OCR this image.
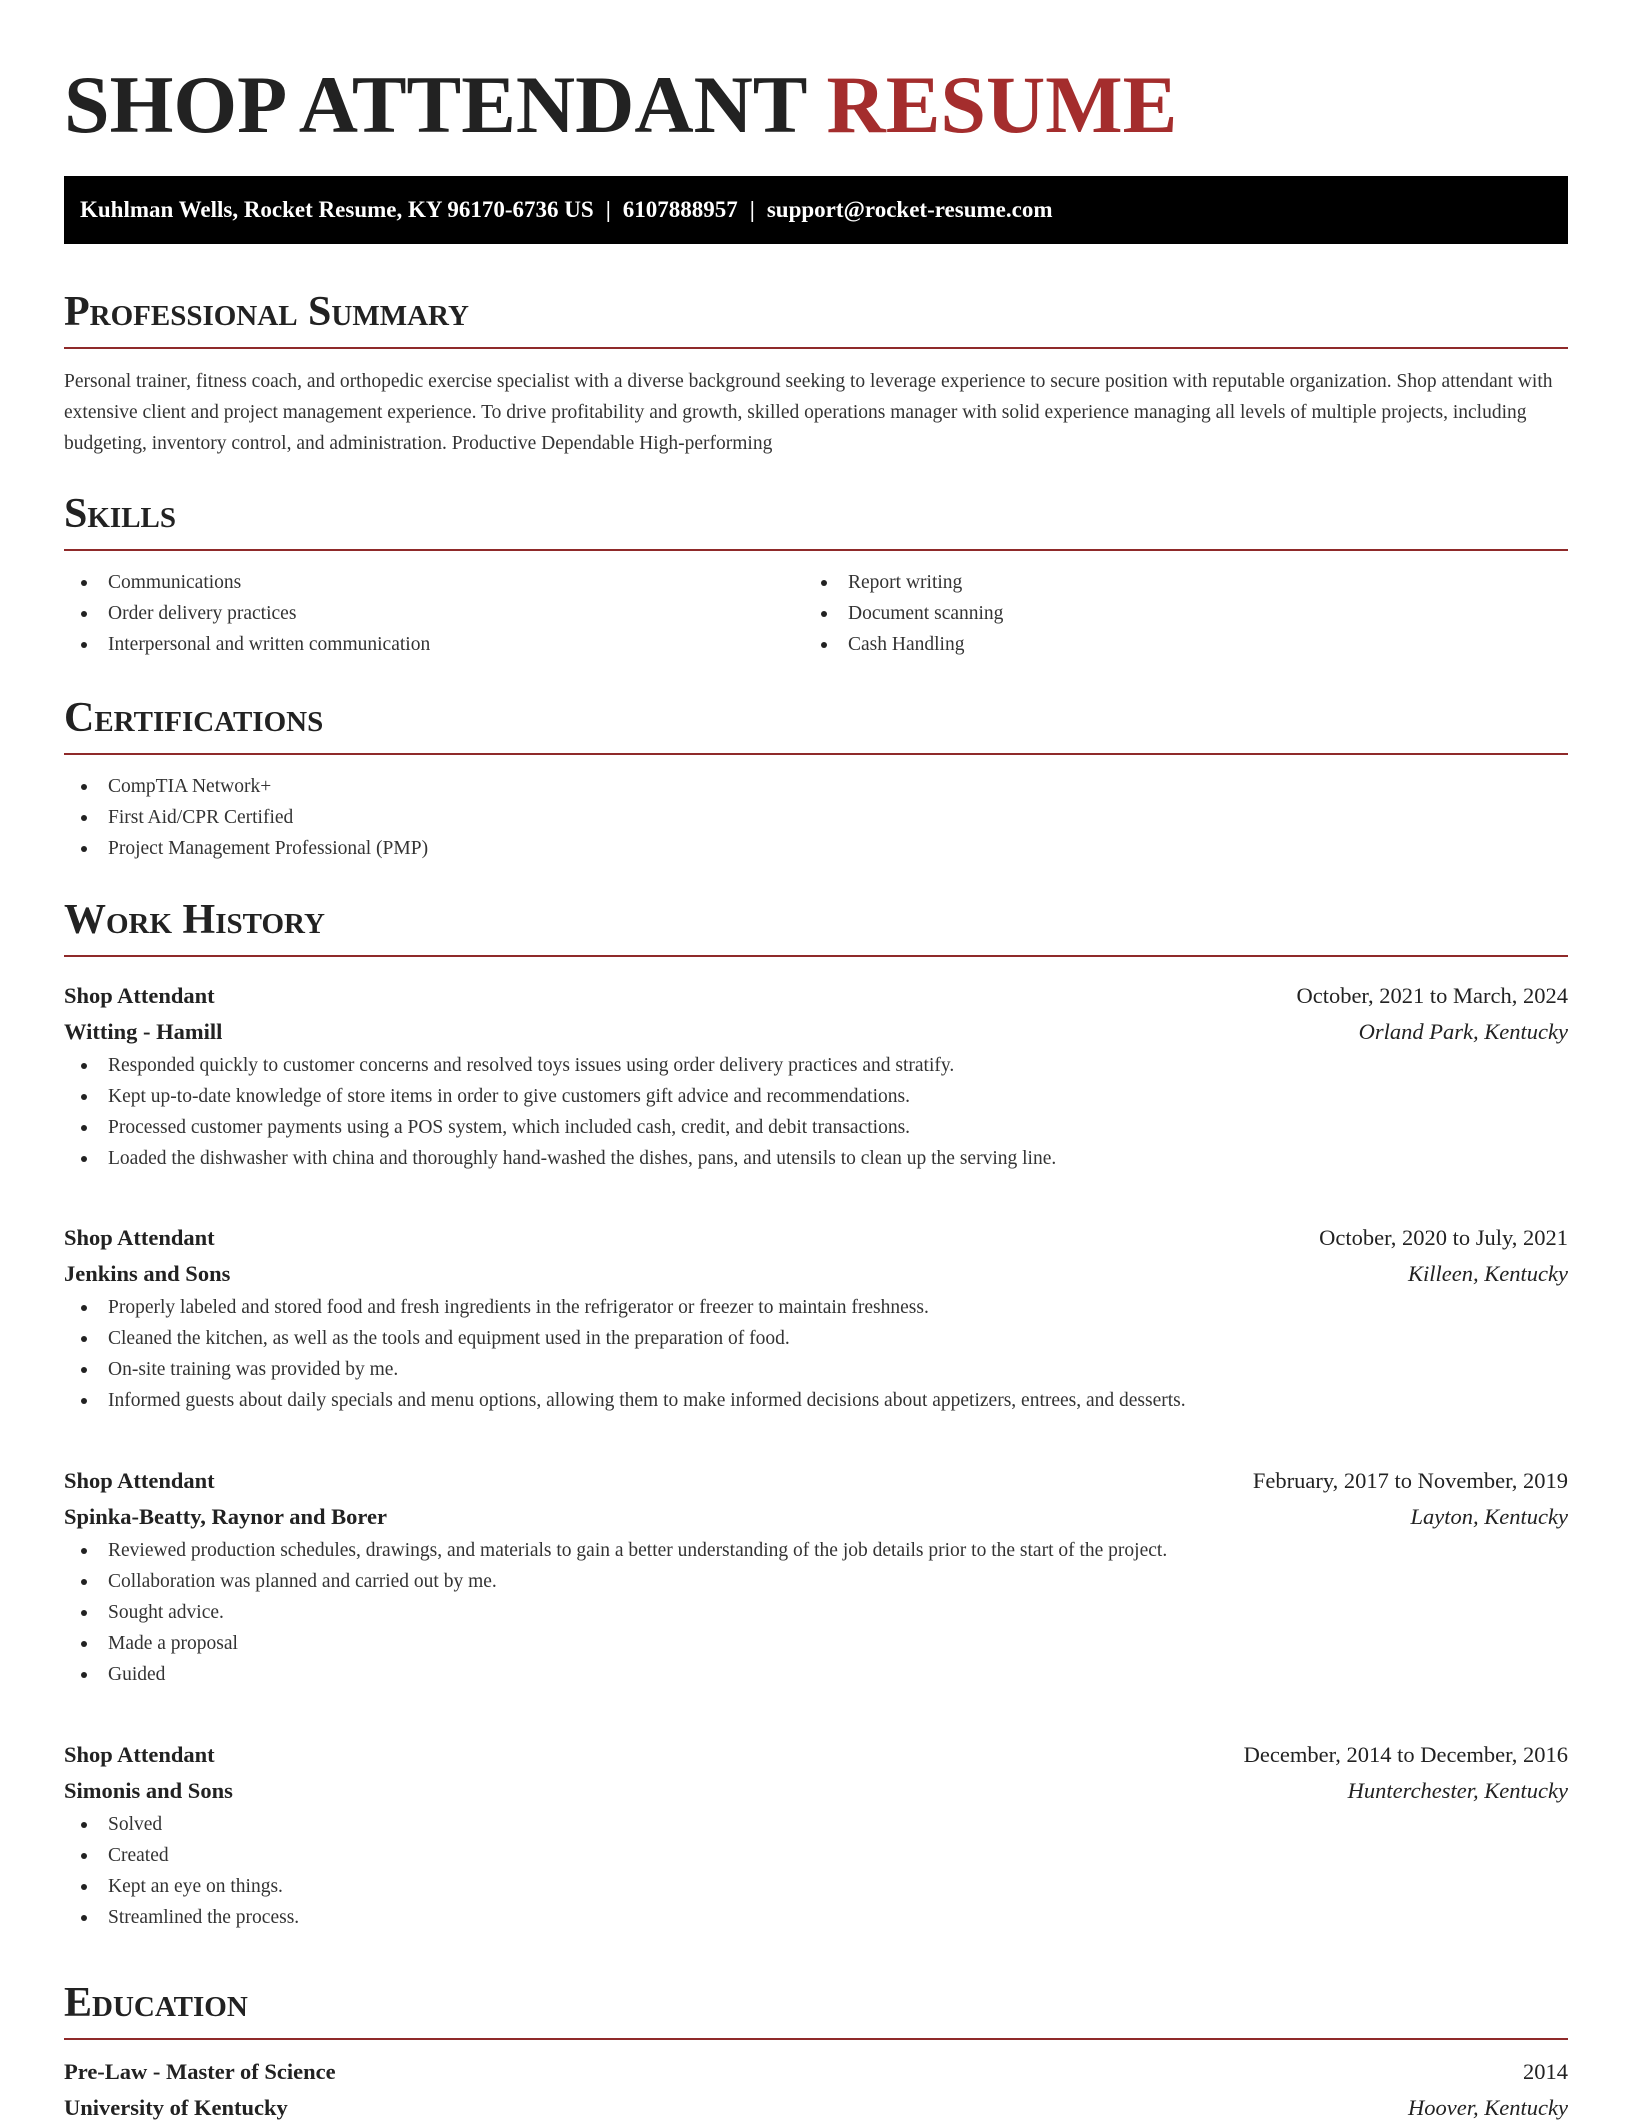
SHOP ATTENDANT RESUME
Kuhlman Wells, Rocket Resume, KY 96170-6736 US | 6107888957 | support@rocket-resume.com
Professional Summary

Personal trainer, fitness coach, and orthopedic exercise specialist with a diverse background seeking to leverage experience to secure position with reputable organization. Shop attendant with extensive client and project management experience. To drive profitability and growth, skilled operations manager with solid experience managing all levels of multiple projects, including budgeting, inventory control, and administration. Productive Dependable High-performing

Skills
Communications
Order delivery practices
Interpersonal and written communication
Report writing
Document scanning
Cash Handling
Certifications
CompTIA Network+
First Aid/CPR Certified
Project Management Professional (PMP)
Work History
Shop Attendant	October, 2021 to March, 2024
Witting - Hamill	Orland Park, Kentucky
Responded quickly to customer concerns and resolved toys issues using order delivery practices and stratify.
Kept up-to-date knowledge of store items in order to give customers gift advice and recommendations.
Processed customer payments using a POS system, which included cash, credit, and debit transactions.
Loaded the dishwasher with china and thoroughly hand-washed the dishes, pans, and utensils to clean up the serving line.
Shop Attendant	October, 2020 to July, 2021
Jenkins and Sons	Killeen, Kentucky
Properly labeled and stored food and fresh ingredients in the refrigerator or freezer to maintain freshness.
Cleaned the kitchen, as well as the tools and equipment used in the preparation of food.
On-site training was provided by me.
Informed guests about daily specials and menu options, allowing them to make informed decisions about appetizers, entrees, and desserts.
Shop Attendant	February, 2017 to November, 2019
Spinka-Beatty, Raynor and Borer	Layton, Kentucky
Reviewed production schedules, drawings, and materials to gain a better understanding of the job details prior to the start of the project.
Collaboration was planned and carried out by me.
Sought advice.
Made a proposal
Guided
Shop Attendant	December, 2014 to December, 2016
Simonis and Sons	Hunterchester, Kentucky
Solved
Created
Kept an eye on things.
Streamlined the process.
Education
Pre-Law - Master of Science	2014
University of Kentucky	Hoover, Kentucky
